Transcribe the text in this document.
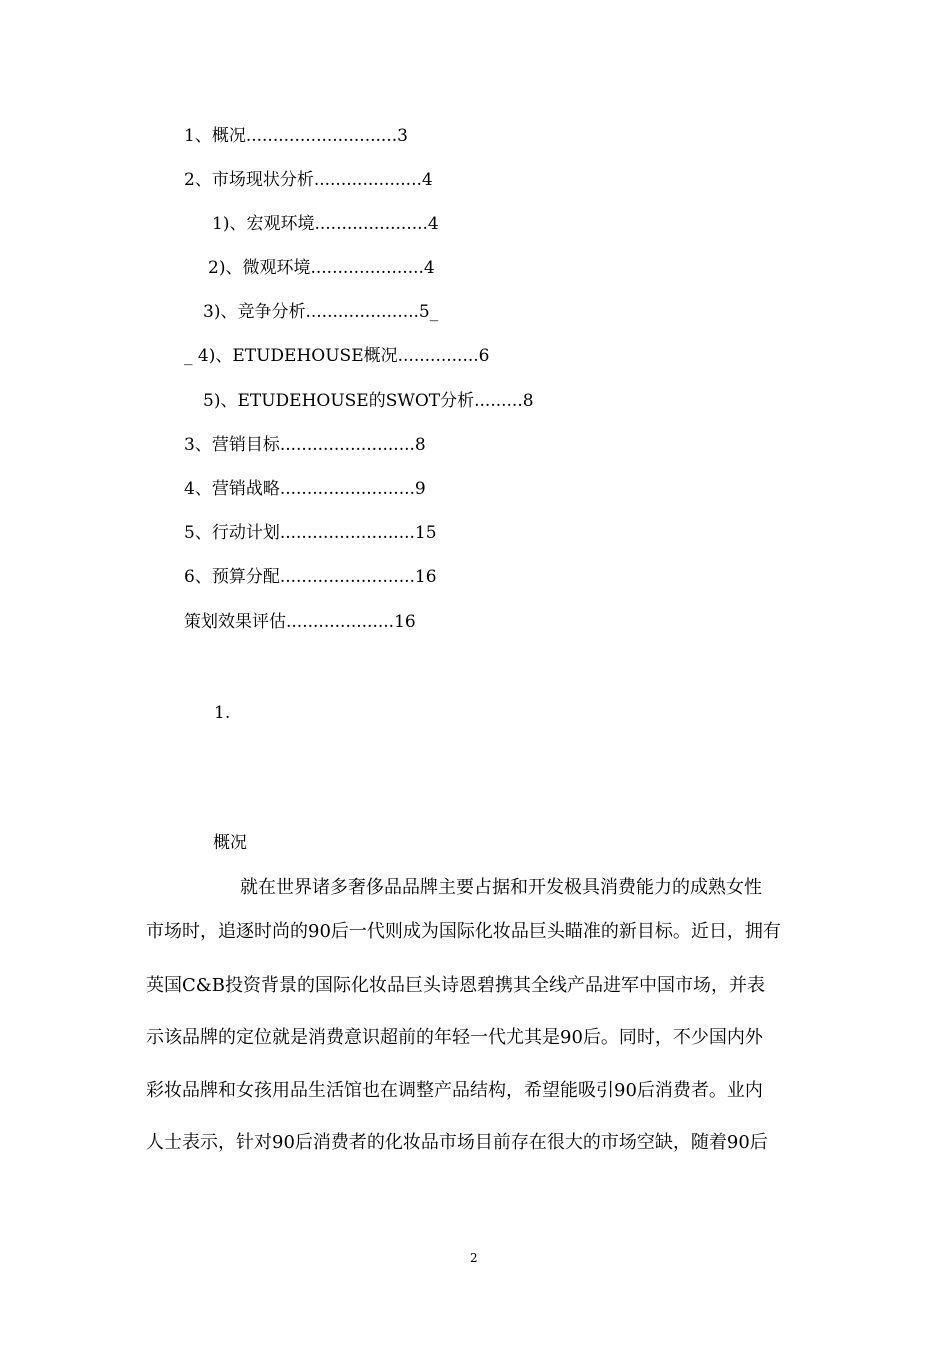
1、概况............................3
2、市场现状分析....................4
1)、宏观环境.....................4
2)、微观环境.....................4
3)、竞争分析.....................5_
_ 4)、ETUDEHOUSE概况...............6
5)、ETUDEHOUSE的SWOT分析.........8
3、营销目标.........................8
4、营销战略.........................9
5、行动计划.........................15
6、预算分配.........................16
策划效果评估....................16
1.
概况
就在世界诸多奢侈品品牌主要占据和开发极具消费能力的成熟女性
市场时，追逐时尚的90后一代则成为国际化妆品巨头瞄准的新目标。近日，拥有
英国C&B投资背景的国际化妆品巨头诗恩碧携其全线产品进军中国市场，并表
示该品牌的定位就是消费意识超前的年轻一代尤其是90后。同时，不少国内外
彩妆品牌和女孩用品生活馆也在调整产品结构，希望能吸引90后消费者。业内
人士表示，针对90后消费者的化妆品市场目前存在很大的市场空缺，随着90后
2
